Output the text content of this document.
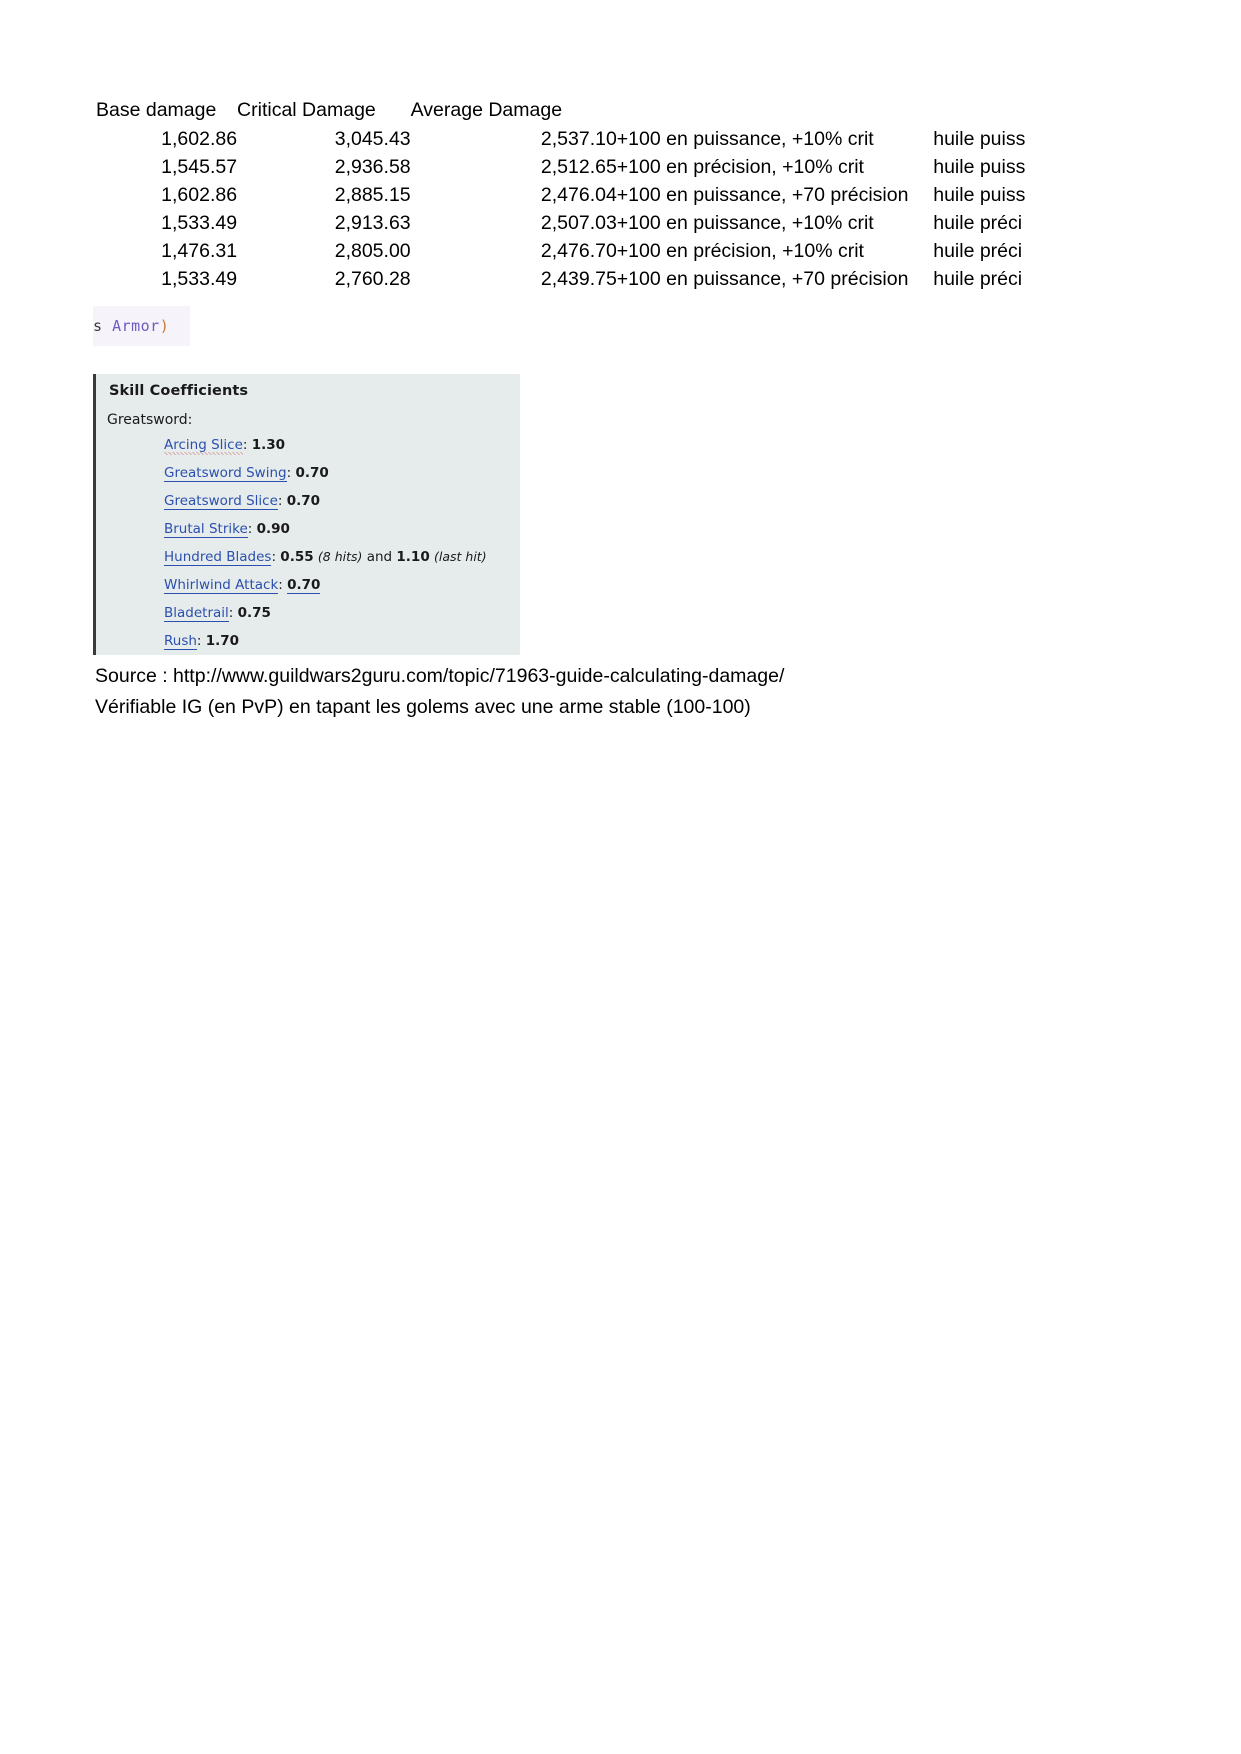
Base damage	Critical Damage	Average Damage		
1,602.86	3,045.43	2,537.10	+100 en puissance, +10% crit	huile puiss
1,545.57	2,936.58	2,512.65	+100 en précision, +10% crit	huile puiss
1,602.86	2,885.15	2,476.04	+100 en puissance, +70 précision	huile puiss
1,533.49	2,913.63	2,507.03	+100 en puissance, +10% crit	huile préci
1,476.31	2,805.00	2,476.70	+100 en précision, +10% crit	huile préci
1,533.49	2,760.28	2,439.75	+100 en puissance, +70 précision	huile préci
s Armor)
Skill Coefficients
Greatsword:
Arcing Slice: 1.30
Greatsword Swing: 0.70
Greatsword Slice: 0.70
Brutal Strike: 0.90
Hundred Blades: 0.55 (8 hits) and 1.10 (last hit)
Whirlwind Attack: 0.70
Bladetrail: 0.75
Rush: 1.70
Source : http://www.guildwars2guru.com/topic/71963-guide-calculating-damage/
Vérifiable IG (en PvP) en tapant les golems avec une arme stable (100-100)
